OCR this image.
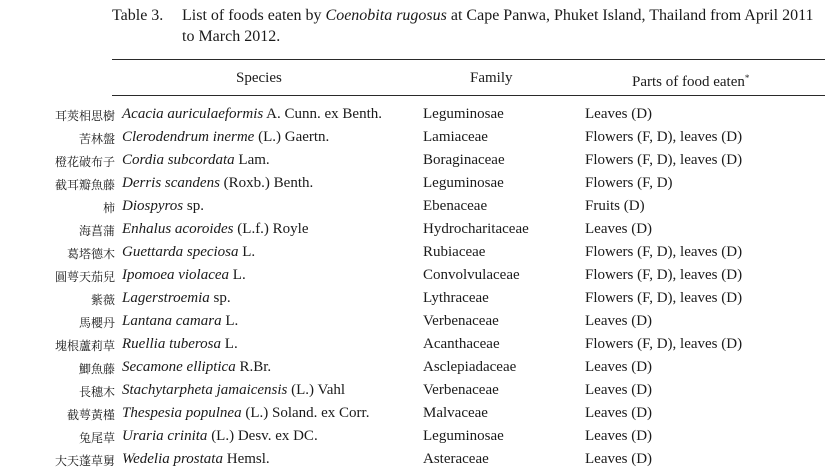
Table 3.	List of foods eaten by Coenobita rugosus at Cape Panwa, Phuket Island, Thailand from April 2011 to March 2012.
Species	Family	Parts of food eaten*
耳莢相思樹 Acacia auriculaeformis A. Cunn. ex Benth.	Leguminosae	Leaves (D)
苦林盤 Clerodendrum inerme (L.) Gaertn.	Lamiaceae	Flowers (F, D), leaves (D)
橙花破布子 Cordia subcordata Lam.	Boraginaceae	Flowers (F, D), leaves (D)
截耳瓣魚藤 Derris scandens (Roxb.) Benth.	Leguminosae	Flowers (F, D)
柿 Diospyros sp.	Ebenaceae	Fruits (D)
海菖蒲 Enhalus acoroides (L.f.) Royle	Hydrocharitaceae	Leaves (D)
葛塔德木 Guettarda speciosa L.	Rubiaceae	Flowers (F, D), leaves (D)
圓萼天茄兒 Ipomoea violacea L.	Convolvulaceae	Flowers (F, D), leaves (D)
紫薇 Lagerstroemia sp.	Lythraceae	Flowers (F, D), leaves (D)
馬櫻丹 Lantana camara L.	Verbenaceae	Leaves (D)
塊根蘆莉草 Ruellia tuberosa L.	Acanthaceae	Flowers (F, D), leaves (D)
鯽魚藤 Secamone elliptica R.Br.	Asclepiadaceae	Leaves (D)
長穗木 Stachytarpheta jamaicensis (L.) Vahl	Verbenaceae	Leaves (D)
截萼黃槿 Thespesia populnea (L.) Soland. ex Corr.	Malvaceae	Leaves (D)
兔尾草 Uraria crinita (L.) Desv. ex DC.	Leguminosae	Leaves (D)
大天蓬草舅 Wedelia prostata Hemsl.	Asteraceae	Leaves (D)
